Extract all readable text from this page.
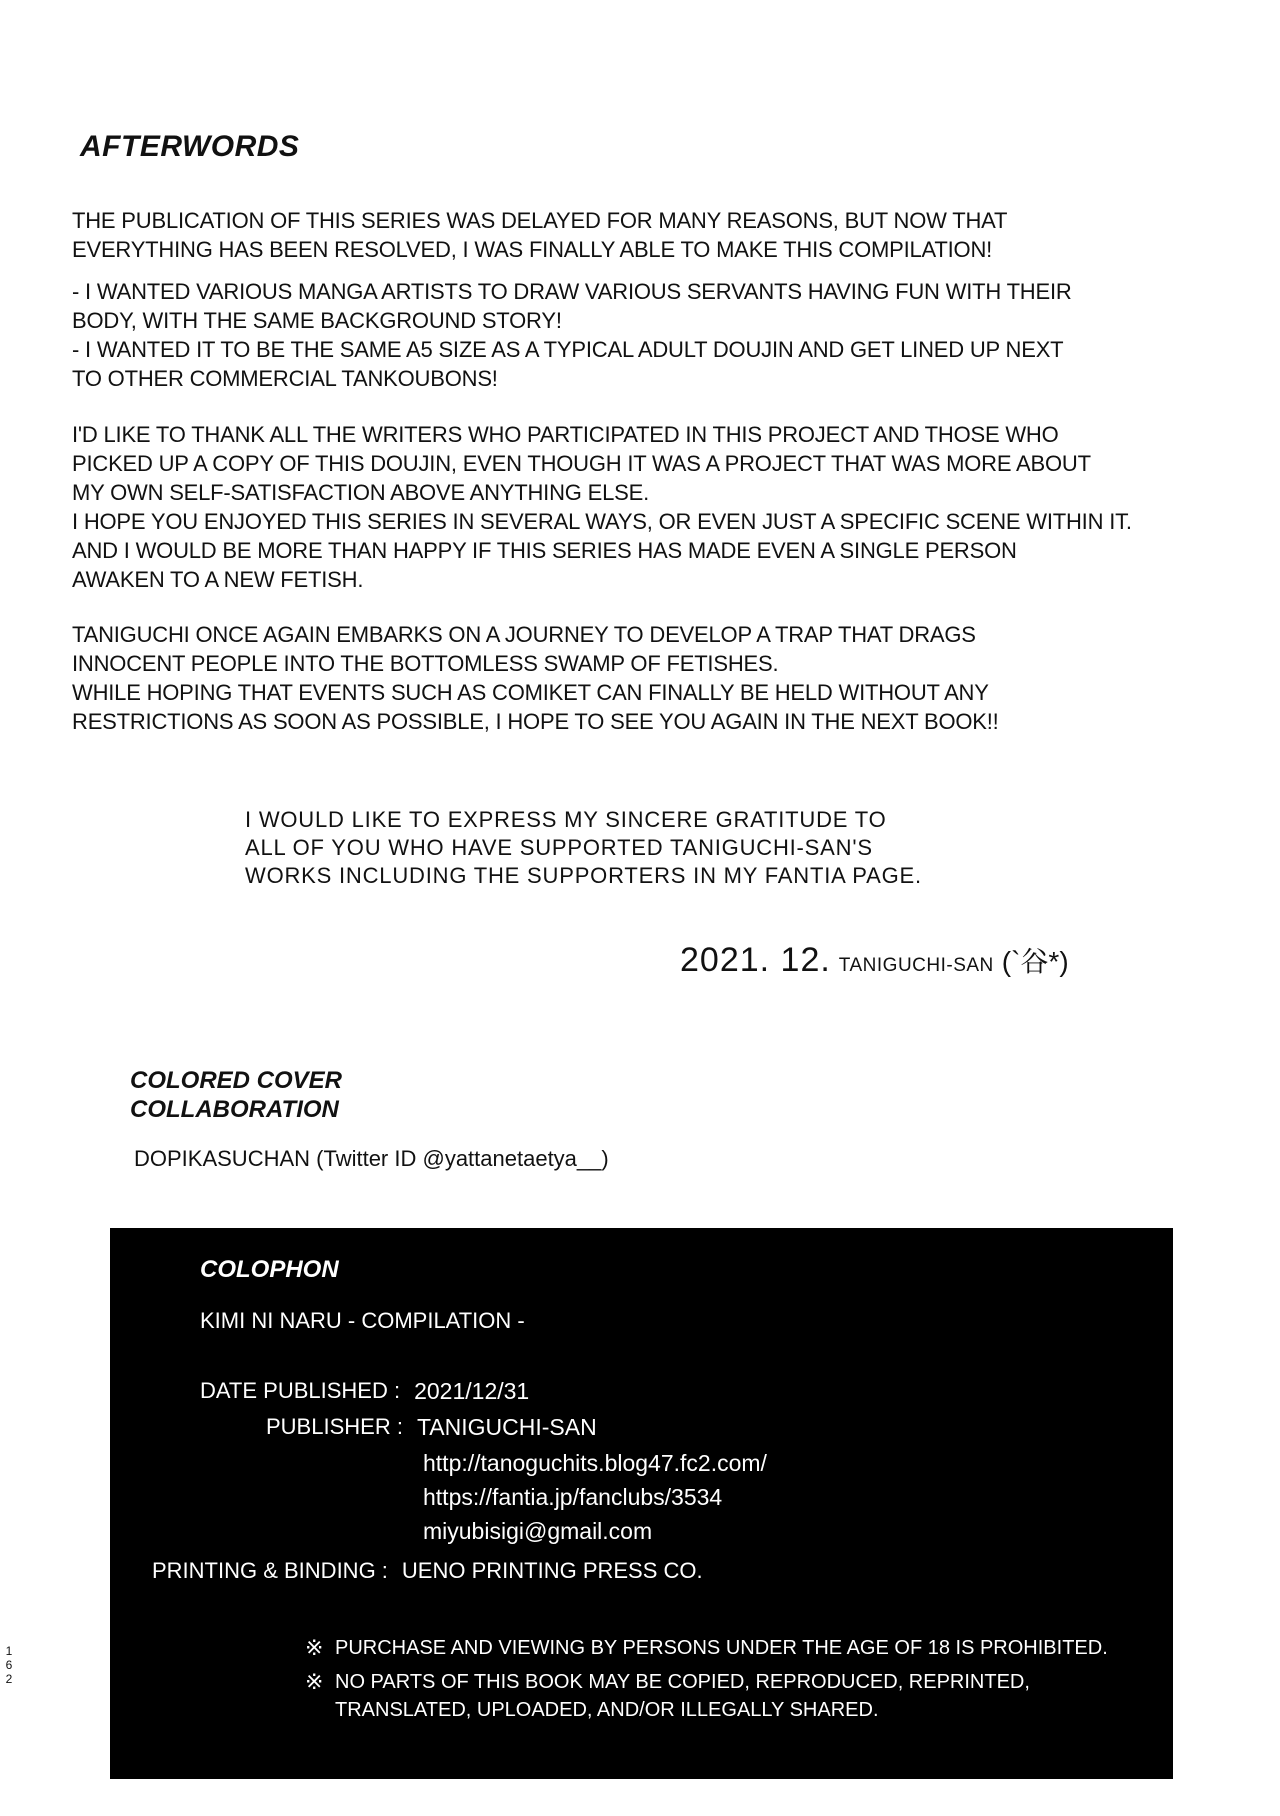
AFTERWORDS

THE PUBLICATION OF THIS SERIES WAS DELAYED FOR MANY REASONS, BUT NOW THAT

EVERYTHING HAS BEEN RESOLVED, I WAS FINALLY ABLE TO MAKE THIS COMPILATION!

- I WANTED VARIOUS MANGA ARTISTS TO DRAW VARIOUS SERVANTS HAVING FUN WITH THEIR

BODY, WITH THE SAME BACKGROUND STORY!

- I WANTED IT TO BE THE SAME A5 SIZE AS A TYPICAL ADULT DOUJIN AND GET LINED UP NEXT

TO OTHER COMMERCIAL TANKOUBONS!

I'D LIKE TO THANK ALL THE WRITERS WHO PARTICIPATED IN THIS PROJECT AND THOSE WHO

PICKED UP A COPY OF THIS DOUJIN, EVEN THOUGH IT WAS A PROJECT THAT WAS MORE ABOUT

MY OWN SELF-SATISFACTION ABOVE ANYTHING ELSE.

I HOPE YOU ENJOYED THIS SERIES IN SEVERAL WAYS, OR EVEN JUST A SPECIFIC SCENE WITHIN IT.

AND I WOULD BE MORE THAN HAPPY IF THIS SERIES HAS MADE EVEN A SINGLE PERSON

AWAKEN TO A NEW FETISH.

TANIGUCHI ONCE AGAIN EMBARKS ON A JOURNEY TO DEVELOP A TRAP THAT DRAGS

INNOCENT PEOPLE INTO THE BOTTOMLESS SWAMP OF FETISHES.

WHILE HOPING THAT EVENTS SUCH AS COMIKET CAN FINALLY BE HELD WITHOUT ANY

RESTRICTIONS AS SOON AS POSSIBLE, I HOPE TO SEE YOU AGAIN IN THE NEXT BOOK!!

I WOULD LIKE TO EXPRESS MY SINCERE GRATITUDE TO

ALL OF YOU WHO HAVE SUPPORTED TANIGUCHI-SAN'S

WORKS INCLUDING THE SUPPORTERS IN MY FANTIA PAGE.

2021. 12. TANIGUCHI-SAN (`谷*)

COLORED COVER

COLLABORATION

DOPIKASUCHAN (Twitter ID @yattanetaetya__)
COLOPHON
KIMI NI NARU - COMPILATION -
DATE PUBLISHED : 2021/12/31
PUBLISHER : TANIGUCHI-SAN
http://tanoguchits.blog47.fc2.com/
https://fantia.jp/fanclubs/3534
miyubisigi@gmail.com
PRINTING & BINDING : UENO PRINTING PRESS CO.
※ PURCHASE AND VIEWING BY PERSONS UNDER THE AGE OF 18 IS PROHIBITED.
※ NO PARTS OF THIS BOOK MAY BE COPIED, REPRODUCED, REPRINTED,
TRANSLATED, UPLOADED, AND/OR ILLEGALLY SHARED.
1
6
2
